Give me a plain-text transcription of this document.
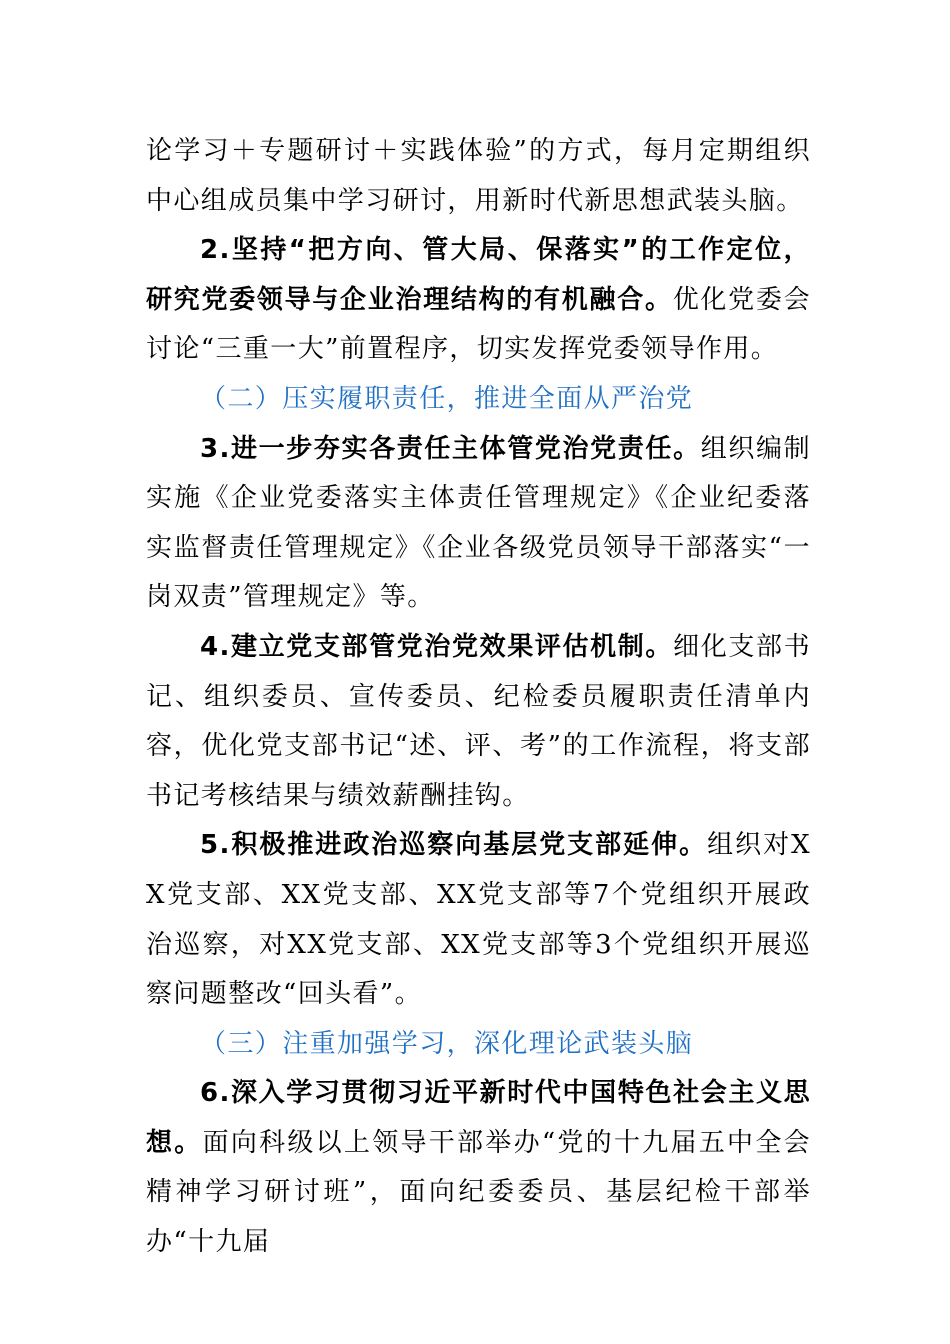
论学习＋专题研讨＋实践体验”的方式，每月定期组织中心组成员集中学习研讨，用新时代新思想武装头脑。

2.坚持“把方向、管大局、保落实”的工作定位，研究党委领导与企业治理结构的有机融合。优化党委会讨论“三重一大”前置程序，切实发挥党委领导作用。

（二）压实履职责任，推进全面从严治党

3.进一步夯实各责任主体管党治党责任。组织编制实施《企业党委落实主体责任管理规定》《企业纪委落实监督责任管理规定》《企业各级党员领导干部落实“一岗双责”管理规定》等。

4.建立党支部管党治党效果评估机制。细化支部书记、组织委员、宣传委员、纪检委员履职责任清单内容，优化党支部书记“述、评、考”的工作流程，将支部书记考核结果与绩效薪酬挂钩。

5.积极推进政治巡察向基层党支部延伸。组织对XX党支部、XX党支部、XX党支部等7个党组织开展政治巡察，对XX党支部、XX党支部等3个党组织开展巡察问题整改“回头看”。

（三）注重加强学习，深化理论武装头脑

6.深入学习贯彻习近平新时代中国特色社会主义思想。面向科级以上领导干部举办“党的十九届五中全会精神学习研讨班”，面向纪委委员、基层纪检干部举办“十九届
